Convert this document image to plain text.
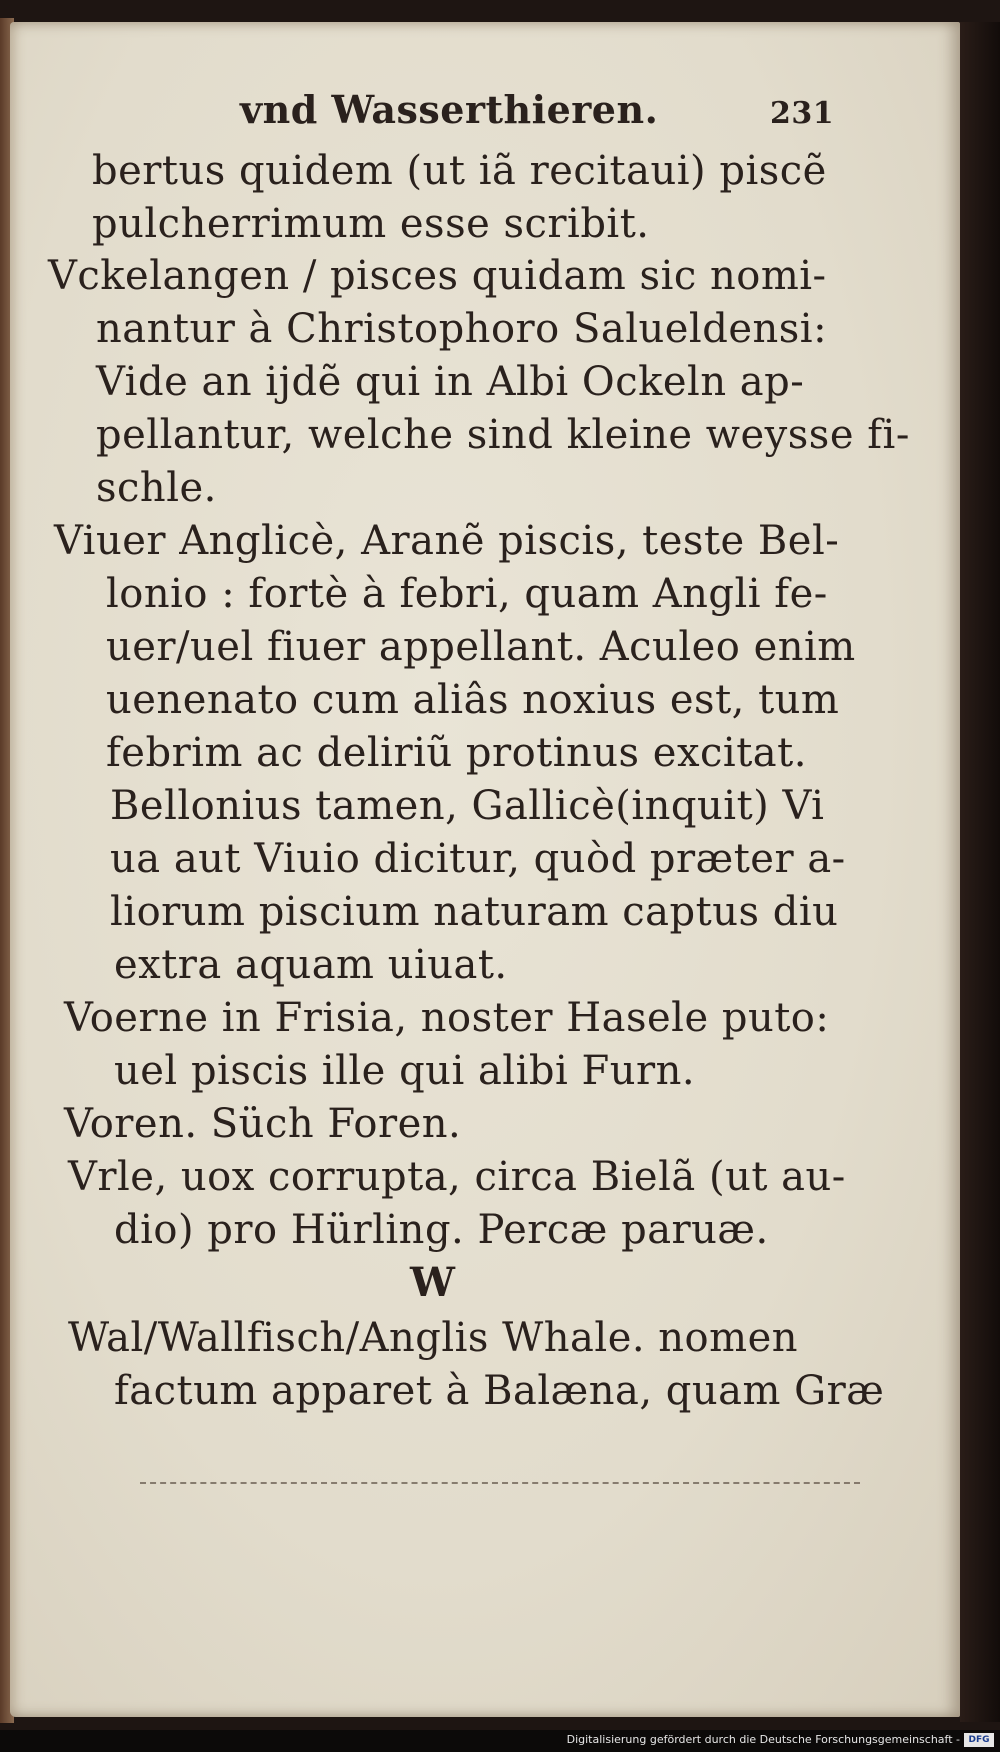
vnd Wasserthieren.	231
bertus quidem (ut iã recitaui) piscẽ
pulcherrimum esse scribit.
Vckelangen / pisces quidam sic nomi-
nantur à Christophoro Salueldensi:
Vide an ijdẽ qui in Albi Ockeln ap-
pellantur, welche sind kleine weysse fi-
schle.
Viuer Anglicè, Aranẽ piscis, teste Bel-
lonio : fortè à febri, quam Angli fe-
uer/uel fiuer appellant. Aculeo enim
uenenato cum aliâs noxius est, tum
febrim ac deliriũ protinus excitat.
Bellonius tamen, Gallicè(inquit) Vi
ua aut Viuio dicitur, quòd præter a-
liorum piscium naturam captus diu
extra aquam uiuat.
Voerne in Frisia, noster Hasele puto:
uel piscis ille qui alibi Furn.
Voren. Süch Foren.
Vrle, uox corrupta, circa Bielã (ut au-
dio) pro Hürling. Percæ paruæ.
W
Wal/Wallfisch/Anglis Whale. nomen
factum apparet à Balæna, quam Græ
Digitalisierung gefördert durch die Deutsche Forschungsgemeinschaft - DFG
